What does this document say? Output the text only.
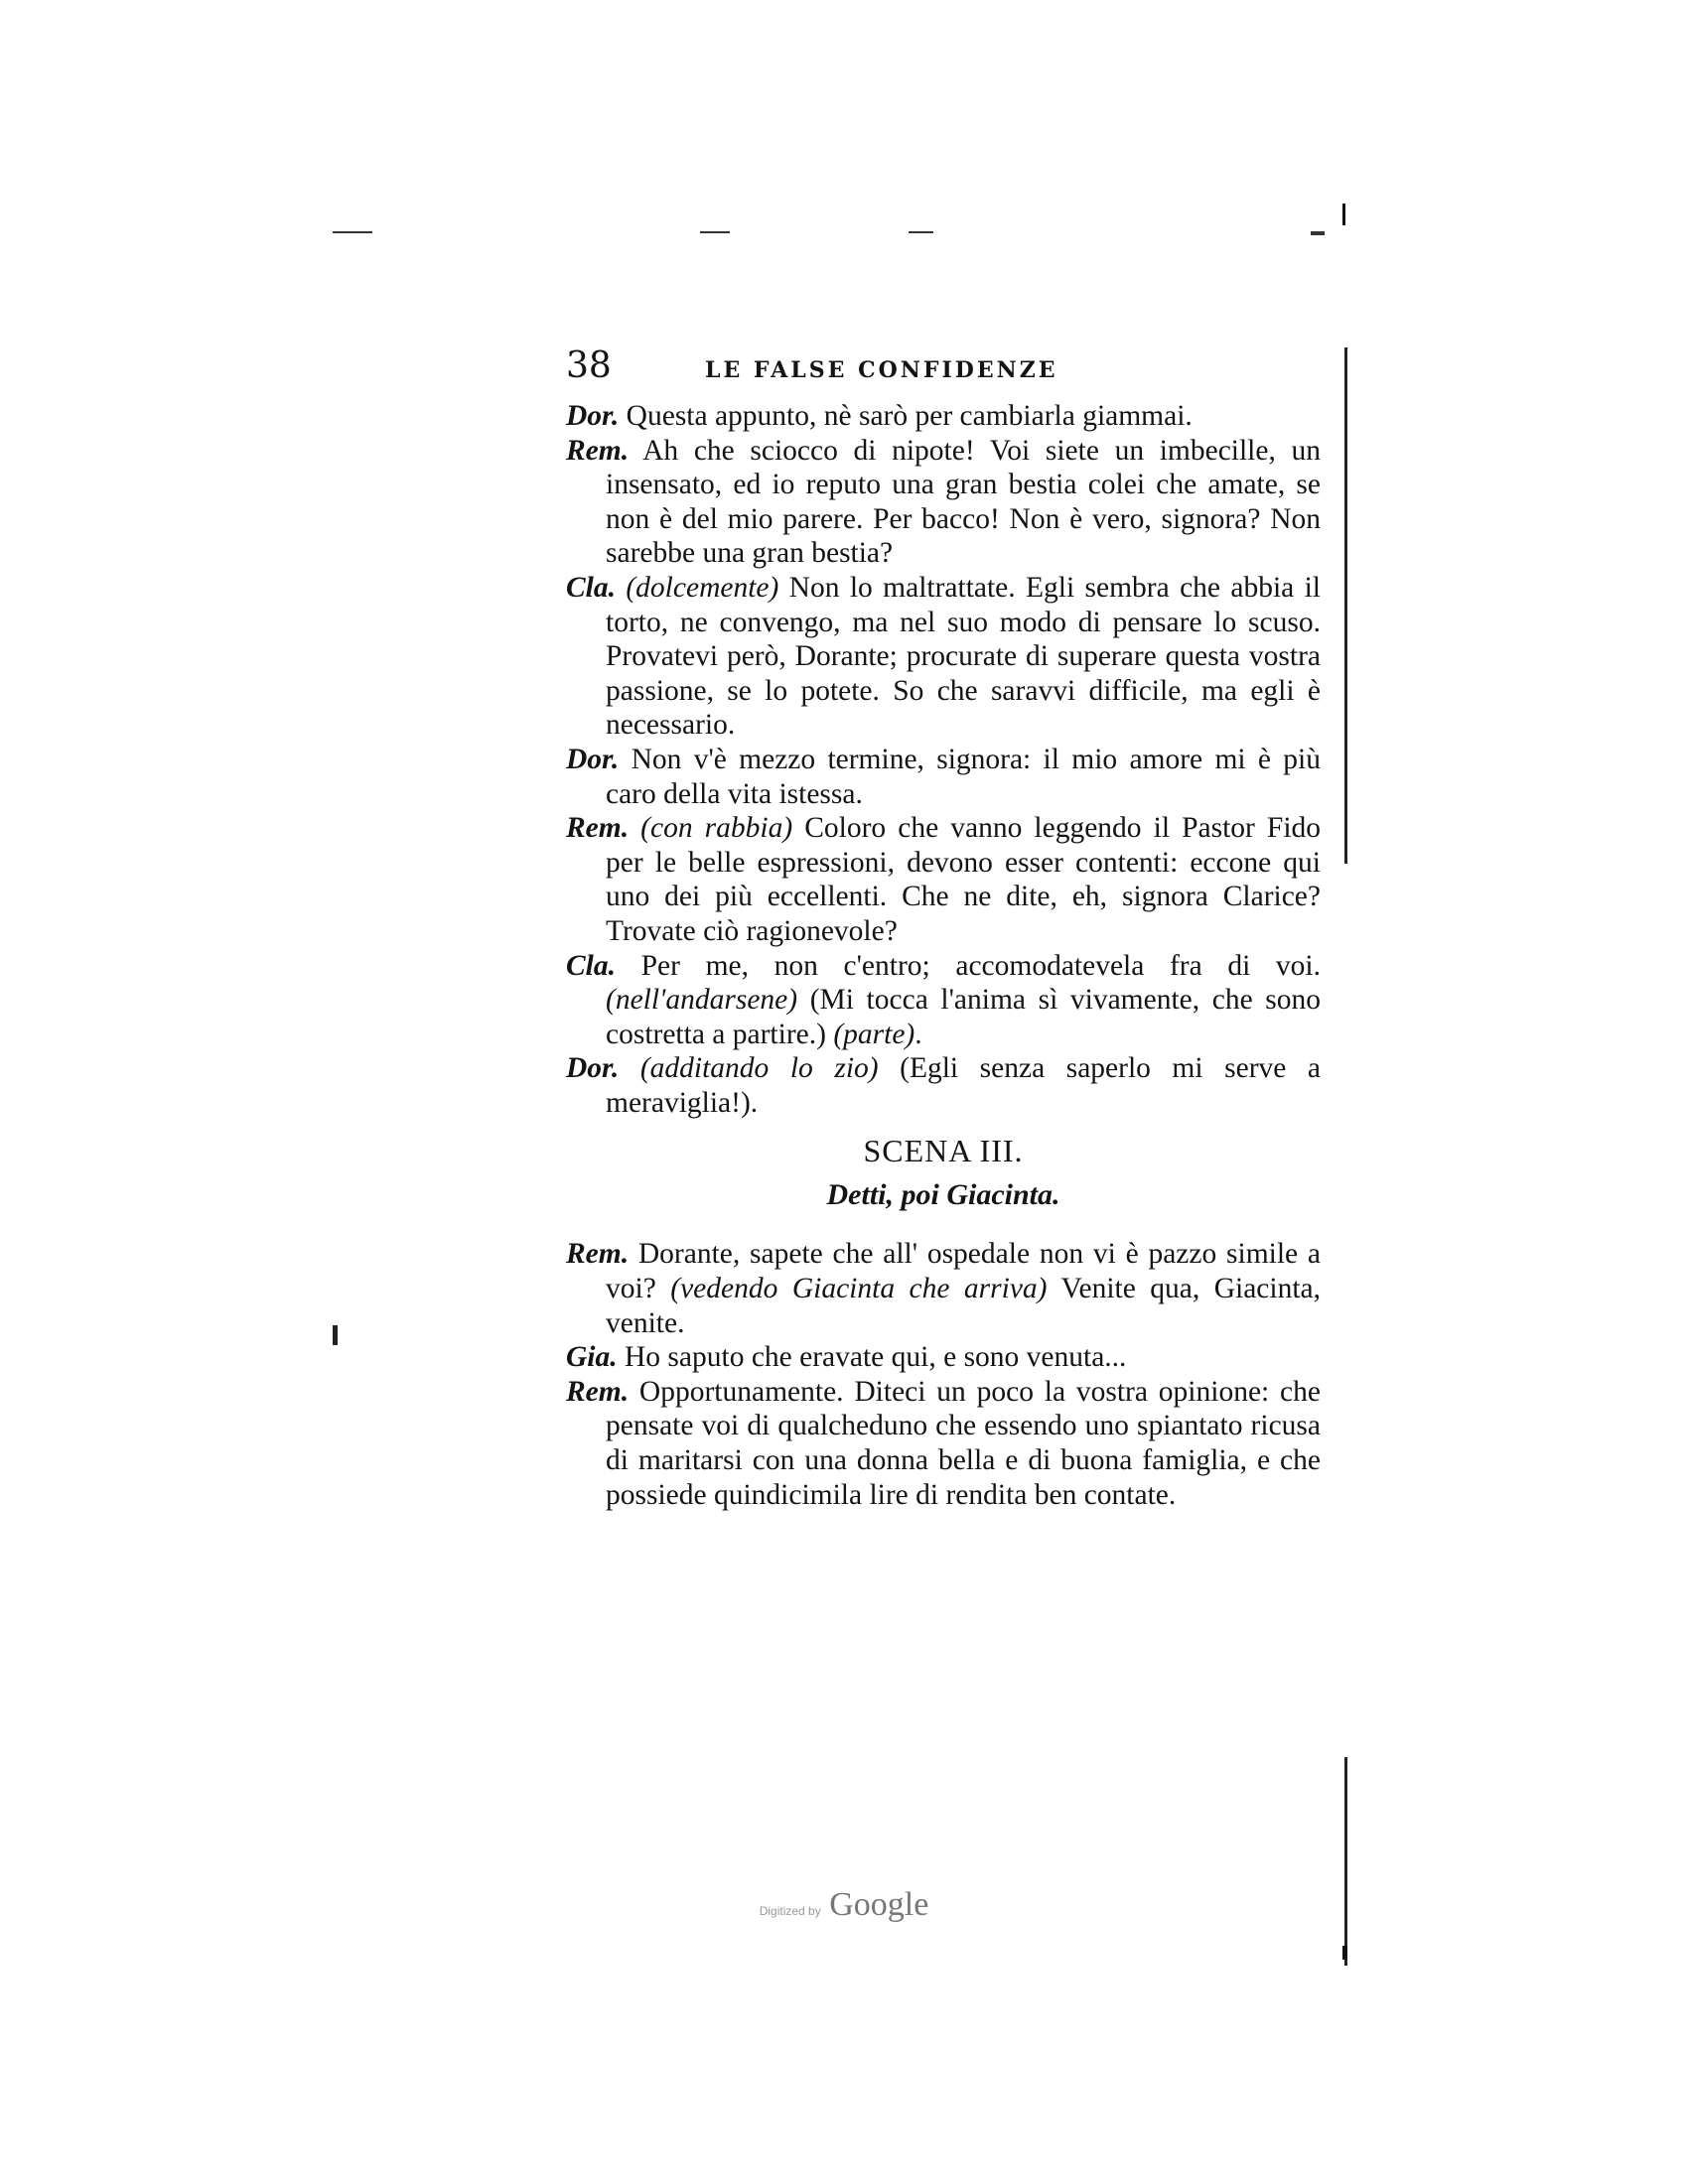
38	LE FALSE CONFIDENZE

Dor. Questa appunto, nè sarò per cambiarla giammai.

Rem. Ah che sciocco di nipote! Voi siete un imbecille, un insensato, ed io reputo una gran bestia colei che amate, se non è del mio parere. Per bacco! Non è vero, signora? Non sarebbe una gran bestia?

Cla. (dolcemente) Non lo maltrattate. Egli sembra che abbia il torto, ne convengo, ma nel suo modo di pensare lo scuso. Provatevi però, Dorante; procurate di superare questa vostra passione, se lo potete. So che saravvi difficile, ma egli è necessario.

Dor. Non v'è mezzo termine, signora: il mio amore mi è più caro della vita istessa.

Rem. (con rabbia) Coloro che vanno leggendo il Pastor Fido per le belle espressioni, devono esser contenti: eccone qui uno dei più eccellenti. Che ne dite, eh, signora Clarice? Trovate ciò ragionevole?

Cla. Per me, non c'entro; accomodatevela fra di voi. (nell'andarsene) (Mi tocca l'anima sì vivamente, che sono costretta a partire.) (parte).

Dor. (additando lo zio) (Egli senza saperlo mi serve a meraviglia!).

SCENA III.
Detti, poi Giacinta.

Rem. Dorante, sapete che all' ospedale non vi è pazzo simile a voi? (vedendo Giacinta che arriva) Venite qua, Giacinta, venite.

Gia. Ho saputo che eravate qui, e sono venuta...

Rem. Opportunamente. Diteci un poco la vostra opinione: che pensate voi di qualcheduno che essendo uno spiantato ricusa di maritarsi con una donna bella e di buona famiglia, e che possiede quindicimila lire di rendita ben contate.

Digitized by Google
